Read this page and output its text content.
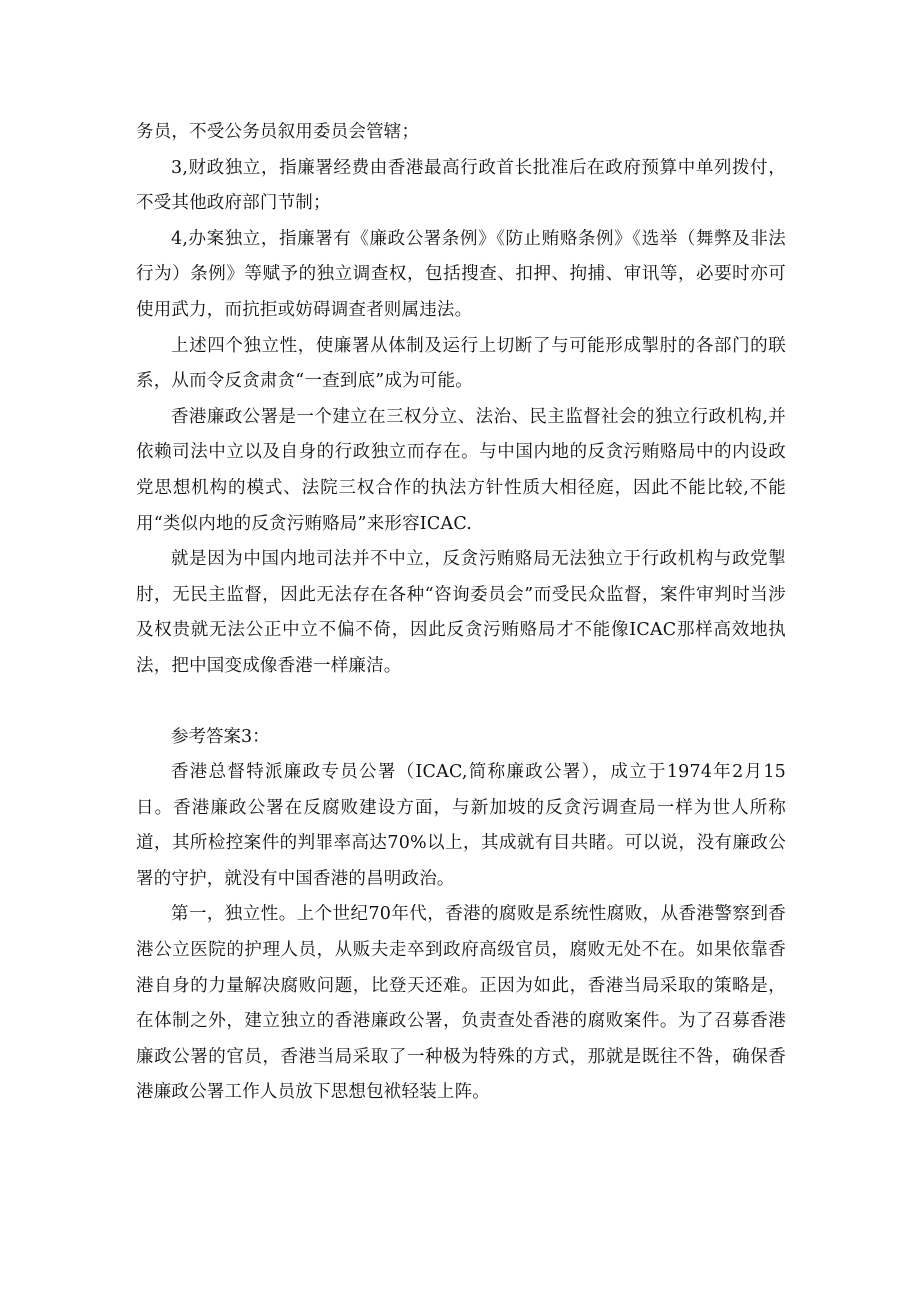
务员，不受公务员叙用委员会管辖；

3,财政独立，指廉署经费由香港最高行政首长批准后在政府预算中单列拨付，不受其他政府部门节制；

4,办案独立，指廉署有《廉政公署条例》《防止贿赂条例》《选举（舞弊及非法行为）条例》等赋予的独立调查权，包括搜查、扣押、拘捕、审讯等，必要时亦可使用武力，而抗拒或妨碍调查者则属违法。

上述四个独立性，使廉署从体制及运行上切断了与可能形成掣肘的各部门的联系，从而令反贪肃贪“一查到底”成为可能。

香港廉政公署是一个建立在三权分立、法治、民主监督社会的独立行政机构,并依赖司法中立以及自身的行政独立而存在。与中国内地的反贪污贿赂局中的内设政党思想机构的模式、法院三权合作的执法方针性质大相径庭，因此不能比较,不能用“类似内地的反贪污贿赂局”来形容ICAC.

就是因为中国内地司法并不中立，反贪污贿赂局无法独立于行政机构与政党掣肘，无民主监督，因此无法存在各种“咨询委员会”而受民众监督，案件审判时当涉及权贵就无法公正中立不偏不倚，因此反贪污贿赂局才不能像ICAC那样高效地执法，把中国变成像香港一样廉洁。

参考答案3：

香港总督特派廉政专员公署（ICAC,简称廉政公署），成立于1974年2月15日。香港廉政公署在反腐败建设方面，与新加坡的反贪污调查局一样为世人所称道，其所检控案件的判罪率高达70%以上，其成就有目共睹。可以说，没有廉政公署的守护，就没有中国香港的昌明政治。

第一，独立性。上个世纪70年代，香港的腐败是系统性腐败，从香港警察到香港公立医院的护理人员，从贩夫走卒到政府高级官员，腐败无处不在。如果依靠香港自身的力量解决腐败问题，比登天还难。正因为如此，香港当局采取的策略是，在体制之外，建立独立的香港廉政公署，负责查处香港的腐败案件。为了召募香港廉政公署的官员，香港当局采取了一种极为特殊的方式，那就是既往不咎，确保香港廉政公署工作人员放下思想包袱轻装上阵。
